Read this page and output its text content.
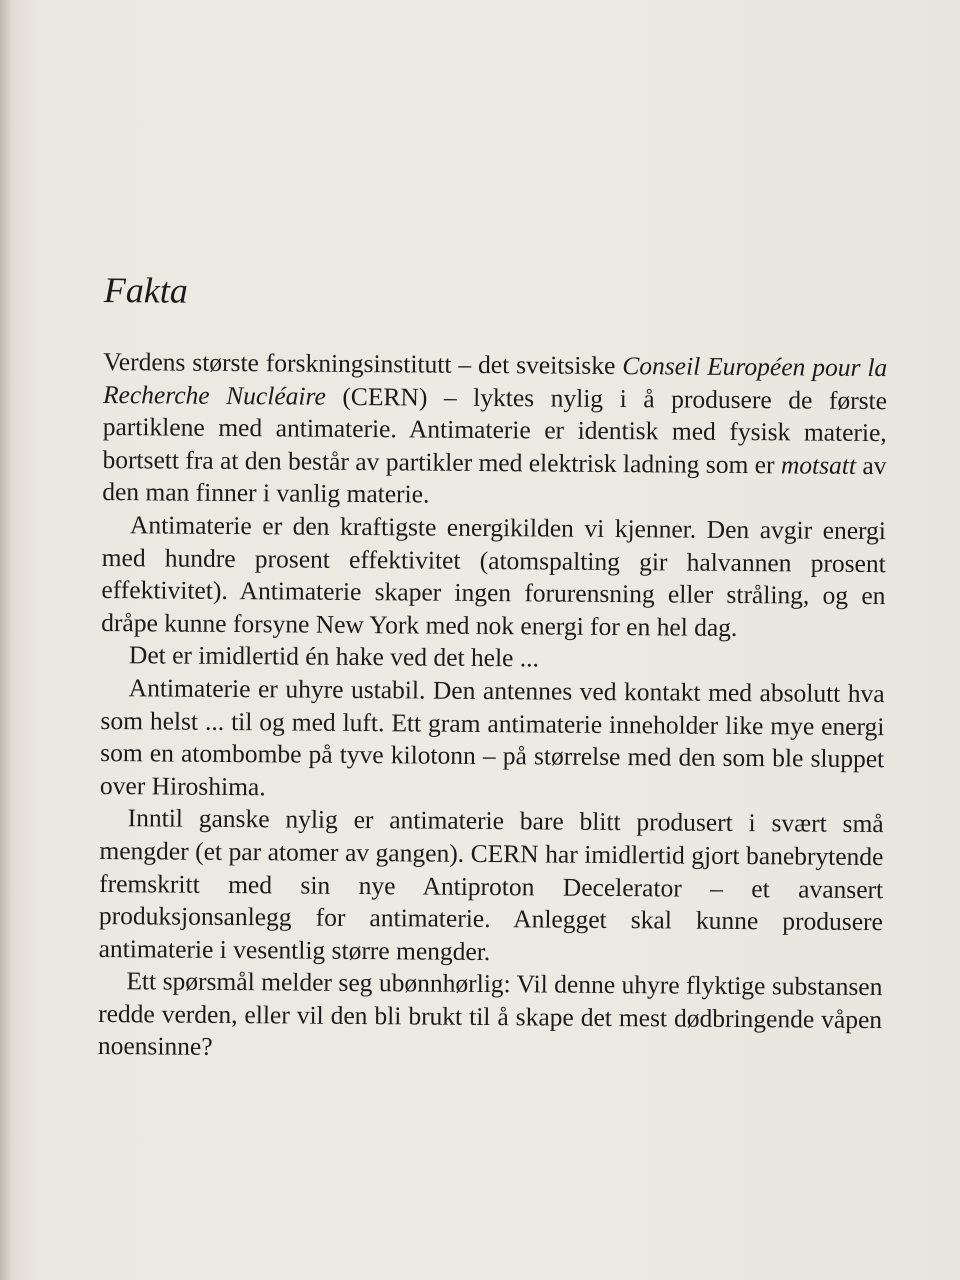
Fakta

Verdens største forskningsinstitutt – det sveitsiske Conseil Européen pour la Recherche Nucléaire (CERN) – lyktes nylig i å produsere de første partiklene med antimaterie. Antimaterie er identisk med fysisk materie, bortsett fra at den består av partikler med elektrisk ladning som er motsatt av den man finner i vanlig materie.

Antimaterie er den kraftigste energikilden vi kjenner. Den avgir energi med hundre prosent effektivitet (atomspalting gir halvannen prosent effektivitet). Antimaterie skaper ingen forurensning eller stråling, og en dråpe kunne forsyne New York med nok energi for en hel dag.

Det er imidlertid én hake ved det hele ...

Antimaterie er uhyre ustabil. Den antennes ved kontakt med absolutt hva som helst ... til og med luft. Ett gram antimaterie inneholder like mye energi som en atombombe på tyve kilotonn – på størrelse med den som ble sluppet over Hiroshima.

Inntil ganske nylig er antimaterie bare blitt produsert i svært små mengder (et par atomer av gangen). CERN har imidlertid gjort banebrytende fremskritt med sin nye Antiproton Decelerator – et avansert produksjonsanlegg for antimaterie. Anlegget skal kunne produsere antimaterie i vesentlig større mengder.

Ett spørsmål melder seg ubønnhørlig: Vil denne uhyre flyktige substansen redde verden, eller vil den bli brukt til å skape det mest dødbringende våpen noensinne?
